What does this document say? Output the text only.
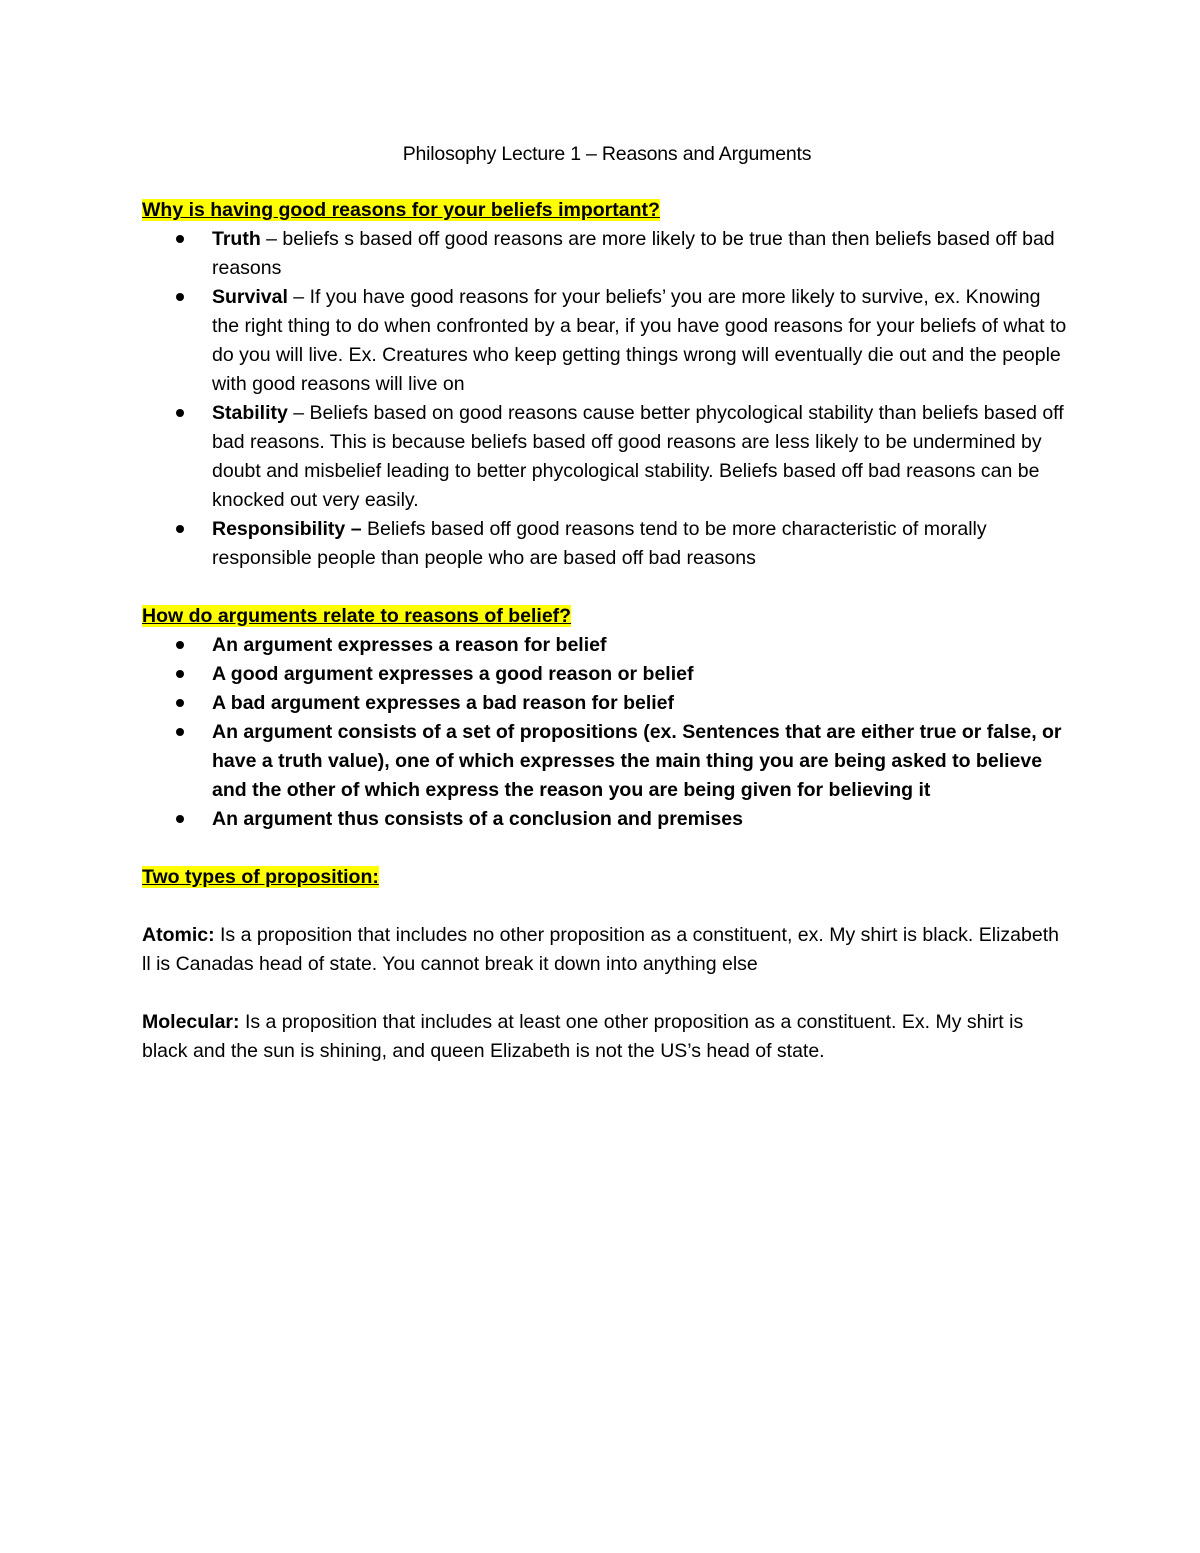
Philosophy Lecture 1 – Reasons and Arguments

Why is having good reasons for your beliefs important?

Truth – beliefs s based off good reasons are more likely to be true than then beliefs based off bad reasons
Survival – If you have good reasons for your beliefs’ you are more likely to survive, ex. Knowing the right thing to do when confronted by a bear, if you have good reasons for your beliefs of what to do you will live. Ex. Creatures who keep getting things wrong will eventually die out and the people with good reasons will live on
Stability – Beliefs based on good reasons cause better phycological stability than beliefs based off bad reasons. This is because beliefs based off good reasons are less likely to be undermined by doubt and misbelief leading to better phycological stability. Beliefs based off bad reasons can be knocked out very easily.
Responsibility – Beliefs based off good reasons tend to be more characteristic of morally responsible people than people who are based off bad reasons

How do arguments relate to reasons of belief?

An argument expresses a reason for belief
A good argument expresses a good reason or belief
A bad argument expresses a bad reason for belief
An argument consists of a set of propositions (ex. Sentences that are either true or false, or have a truth value), one of which expresses the main thing you are being asked to believe and the other of which express the reason you are being given for believing it
An argument thus consists of a conclusion and premises

Two types of proposition:

Atomic: Is a proposition that includes no other proposition as a constituent, ex. My shirt is black. Elizabeth ll is Canadas head of state. You cannot break it down into anything else

Molecular: Is a proposition that includes at least one other proposition as a constituent. Ex. My shirt is black and the sun is shining, and queen Elizabeth is not the US’s head of state.
